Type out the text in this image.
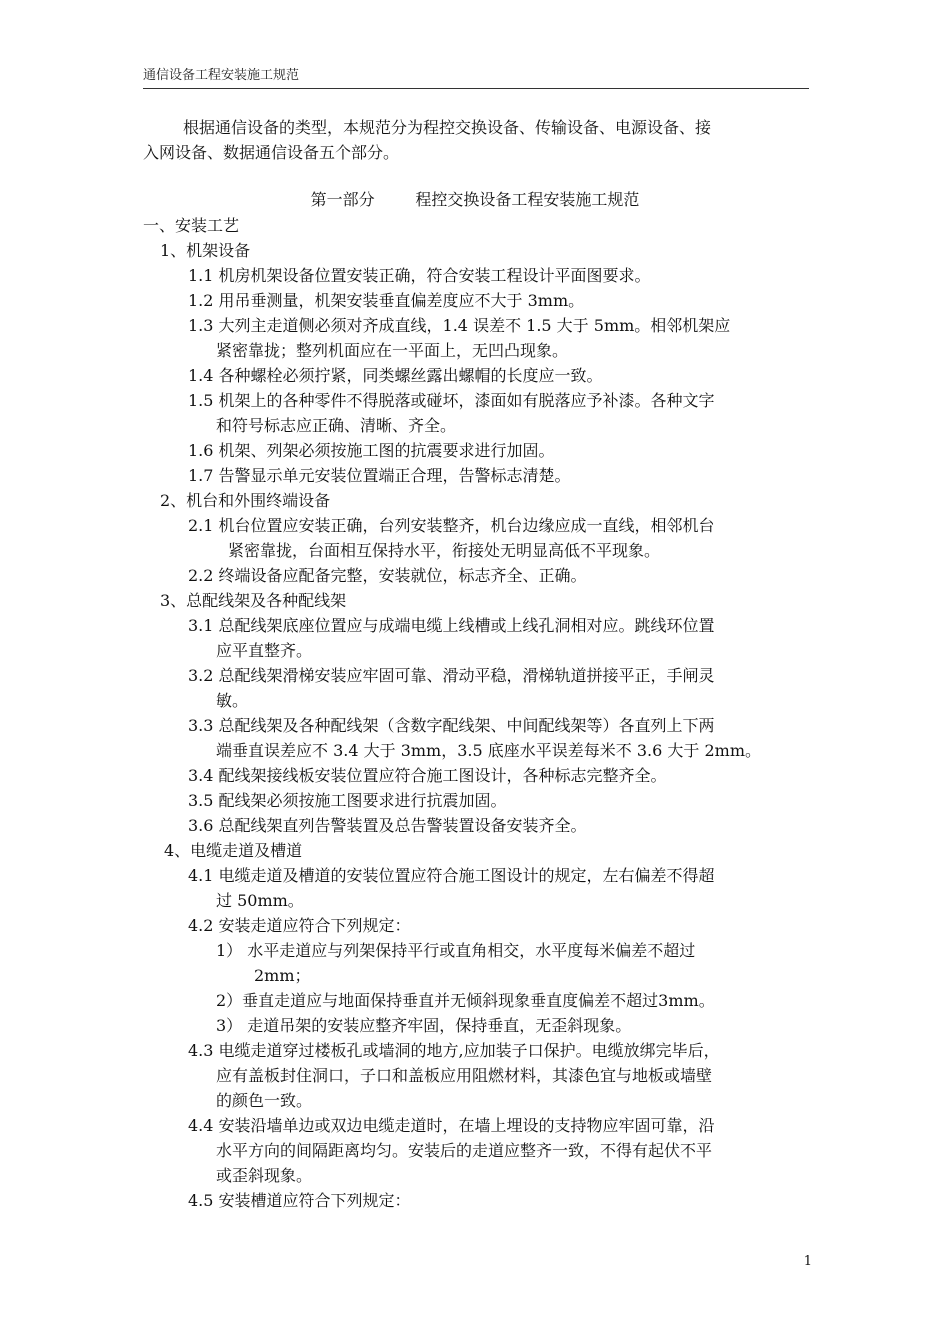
通信设备工程安装施工规范
根据通信设备的类型，本规范分为程控交换设备、传输设备、电源设备、接
入网设备、数据通信设备五个部分。
第一部分        程控交换设备工程安装施工规范
一、安装工艺
1、机架设备
1.1 机房机架设备位置安装正确，符合安装工程设计平面图要求。
1.2 用吊垂测量，机架安装垂直偏差度应不大于 3mm。
1.3 大列主走道侧必须对齐成直线，1.4 误差不 1.5 大于 5mm。相邻机架应
紧密靠拢；整列机面应在一平面上，无凹凸现象。
1.4 各种螺栓必须拧紧，同类螺丝露出螺帽的长度应一致。
1.5 机架上的各种零件不得脱落或碰坏，漆面如有脱落应予补漆。各种文字
和符号标志应正确、清晰、齐全。
1.6 机架、列架必须按施工图的抗震要求进行加固。
1.7 告警显示单元安装位置端正合理，告警标志清楚。
2、机台和外围终端设备
2.1 机台位置应安装正确，台列安装整齐，机台边缘应成一直线，相邻机台
紧密靠拢，台面相互保持水平，衔接处无明显高低不平现象。
2.2 终端设备应配备完整，安装就位，标志齐全、正确。
3、总配线架及各种配线架
3.1 总配线架底座位置应与成端电缆上线槽或上线孔洞相对应。跳线环位置
应平直整齐。
3.2 总配线架滑梯安装应牢固可靠、滑动平稳，滑梯轨道拼接平正，手闸灵
敏。
3.3 总配线架及各种配线架（含数字配线架、中间配线架等）各直列上下两
端垂直误差应不 3.4 大于 3mm，3.5 底座水平误差每米不 3.6 大于 2mm。
3.4 配线架接线板安装位置应符合施工图设计，各种标志完整齐全。
3.5 配线架必须按施工图要求进行抗震加固。
3.6 总配线架直列告警装置及总告警装置设备安装齐全。
4、电缆走道及槽道
4.1 电缆走道及槽道的安装位置应符合施工图设计的规定，左右偏差不得超
过 50mm。
4.2 安装走道应符合下列规定：
1） 水平走道应与列架保持平行或直角相交，水平度每米偏差不超过
2mm；
2）垂直走道应与地面保持垂直并无倾斜现象垂直度偏差不超过3mm。
3） 走道吊架的安装应整齐牢固，保持垂直，无歪斜现象。
4.3 电缆走道穿过楼板孔或墙洞的地方,应加装子口保护。电缆放绑完毕后，
应有盖板封住洞口，子口和盖板应用阻燃材料，其漆色宜与地板或墙壁
的颜色一致。
4.4 安装沿墙单边或双边电缆走道时，在墙上埋设的支持物应牢固可靠，沿
水平方向的间隔距离均匀。安装后的走道应整齐一致，不得有起伏不平
或歪斜现象。
4.5 安装槽道应符合下列规定：
1
